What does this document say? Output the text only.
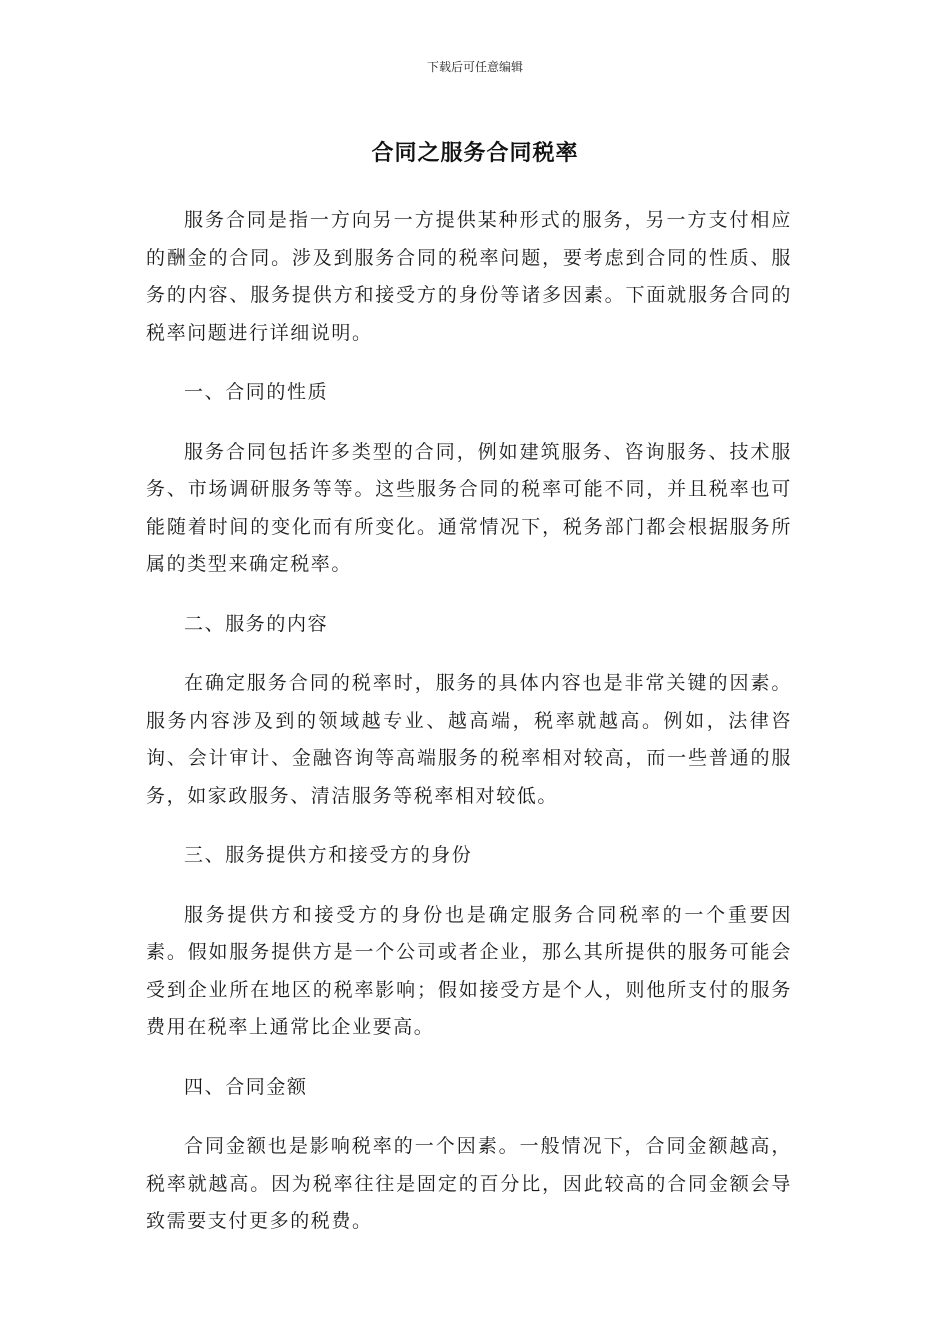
下载后可任意编辑
合同之服务合同税率

服务合同是指一方向另一方提供某种形式的服务，另一方支付相应的酬金的合同。涉及到服务合同的税率问题，要考虑到合同的性质、服务的内容、服务提供方和接受方的身份等诸多因素。下面就服务合同的税率问题进行详细说明。

一、合同的性质

服务合同包括许多类型的合同，例如建筑服务、咨询服务、技术服务、市场调研服务等等。这些服务合同的税率可能不同，并且税率也可能随着时间的变化而有所变化。通常情况下，税务部门都会根据服务所属的类型来确定税率。

二、服务的内容

在确定服务合同的税率时，服务的具体内容也是非常关键的因素。服务内容涉及到的领域越专业、越高端，税率就越高。例如，法律咨询、会计审计、金融咨询等高端服务的税率相对较高，而一些普通的服务，如家政服务、清洁服务等税率相对较低。

三、服务提供方和接受方的身份

服务提供方和接受方的身份也是确定服务合同税率的一个重要因素。假如服务提供方是一个公司或者企业，那么其所提供的服务可能会受到企业所在地区的税率影响；假如接受方是个人，则他所支付的服务费用在税率上通常比企业要高。

四、合同金额

合同金额也是影响税率的一个因素。一般情况下，合同金额越高，税率就越高。因为税率往往是固定的百分比，因此较高的合同金额会导致需要支付更多的税费。
